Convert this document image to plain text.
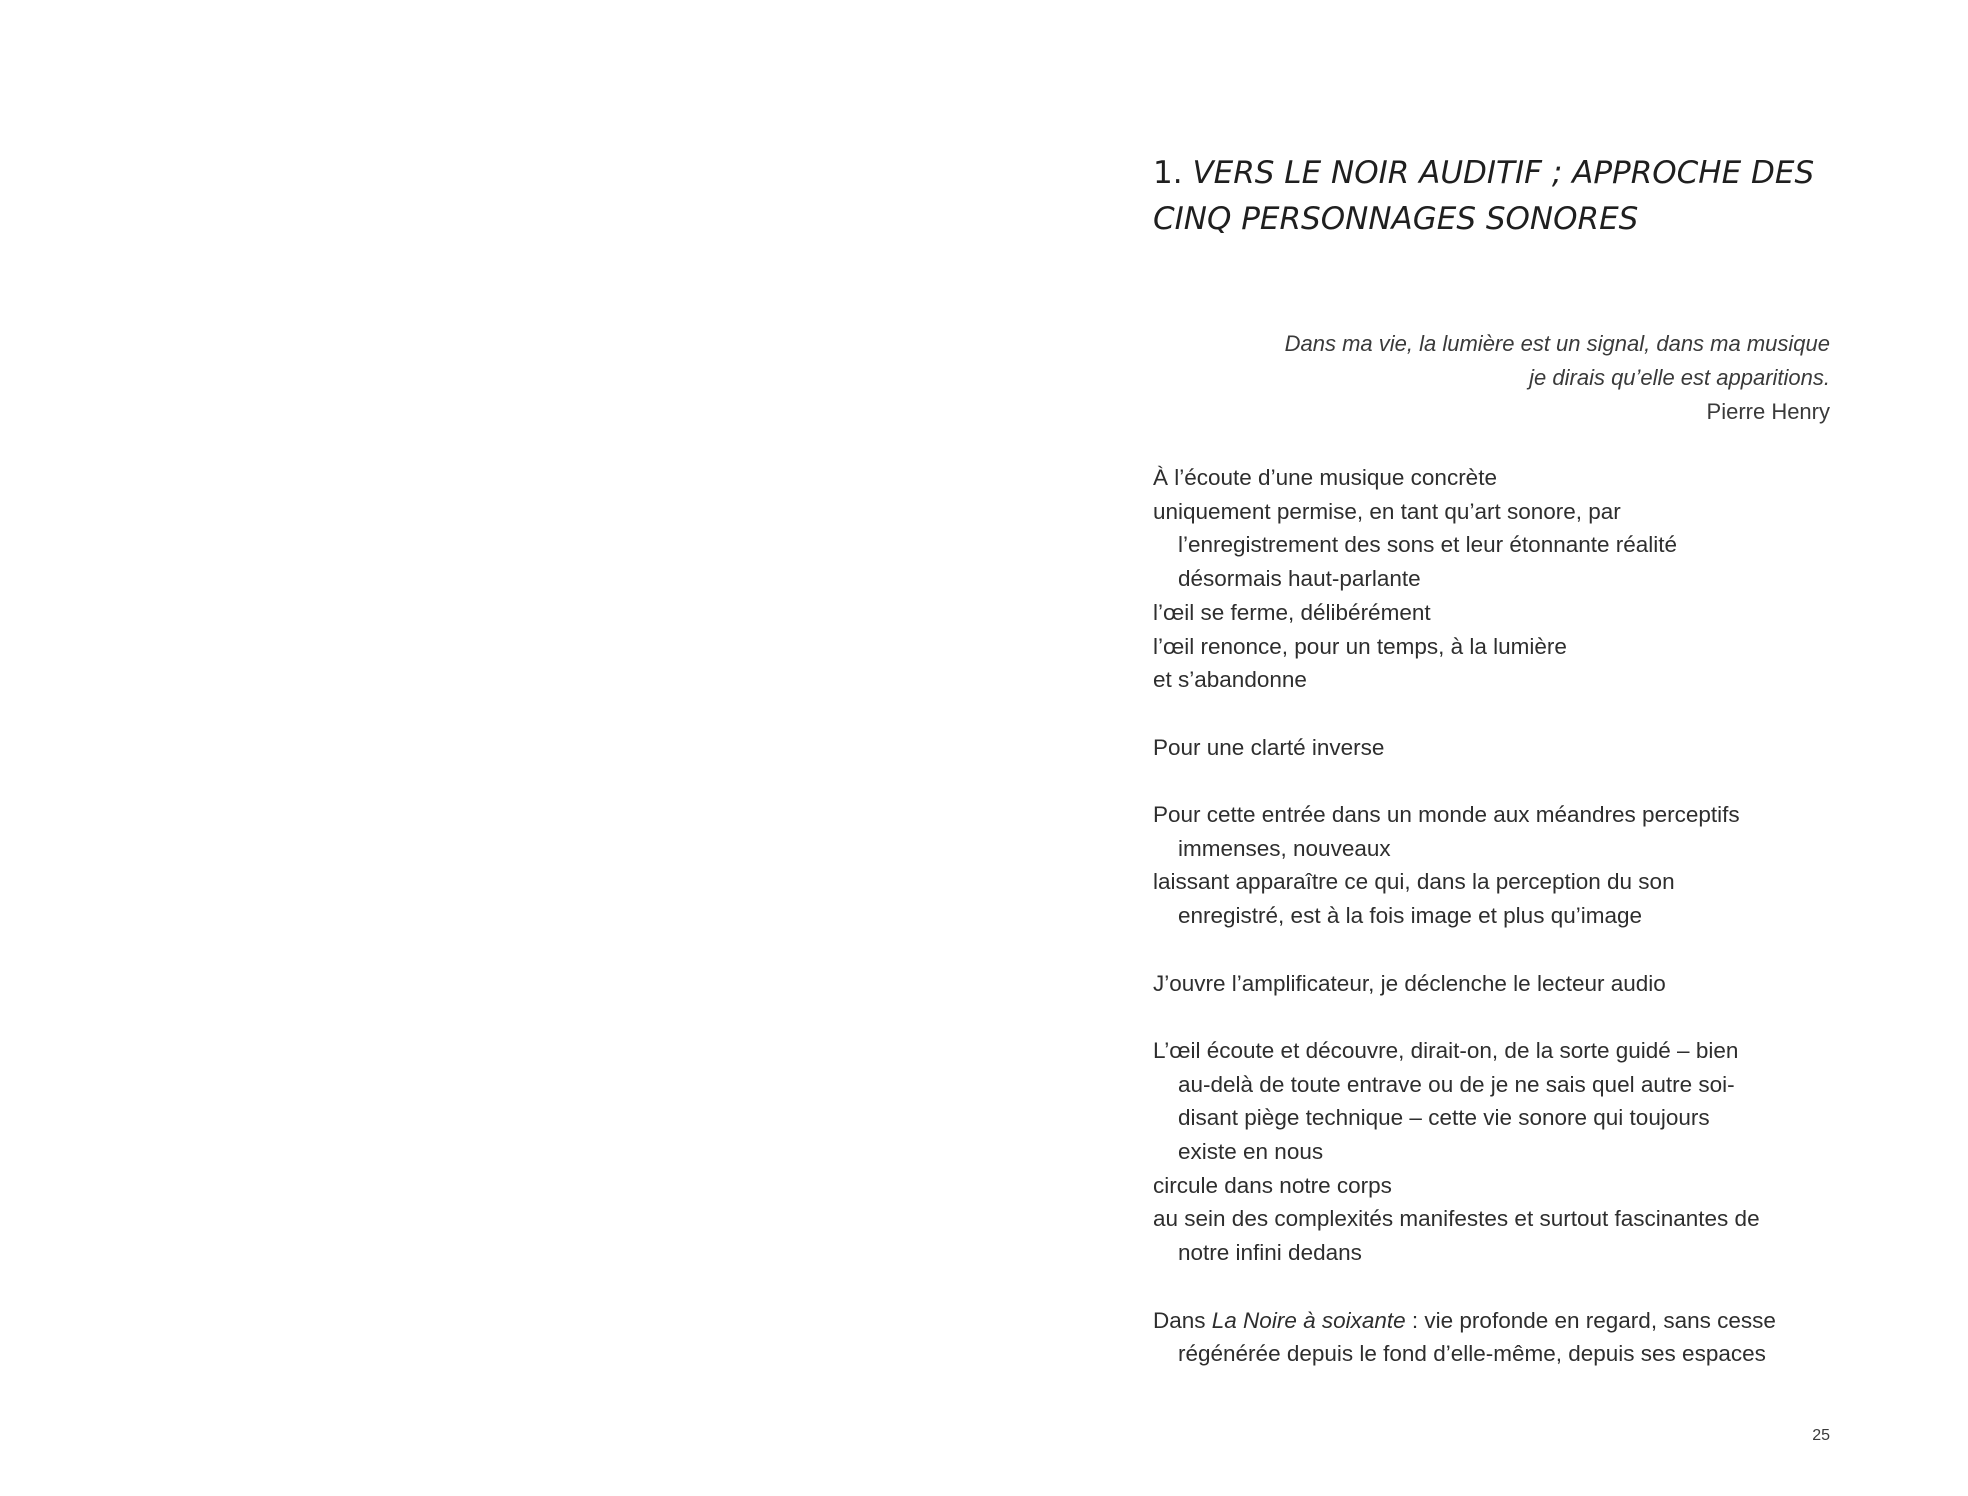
1. VERS LE NOIR AUDITIF ; APPROCHE DES
CINQ PERSONNAGES SONORES
Dans ma vie, la lumière est un signal, dans ma musique
je dirais qu’elle est apparitions.
Pierre Henry
À l’écoute d’une musique concrète
uniquement permise, en tant qu’art sonore, par
l’enregistrement des sons et leur étonnante réalité
désormais haut-parlante
l’œil se ferme, délibérément
l’œil renonce, pour un temps, à la lumière
et s’abandonne
Pour une clarté inverse
Pour cette entrée dans un monde aux méandres perceptifs
immenses, nouveaux
laissant apparaître ce qui, dans la perception du son
enregistré, est à la fois image et plus qu’image
J’ouvre l’amplificateur, je déclenche le lecteur audio
L’œil écoute et découvre, dirait-on, de la sorte guidé – bien
au-delà de toute entrave ou de je ne sais quel autre soi-
disant piège technique – cette vie sonore qui toujours
existe en nous
circule dans notre corps
au sein des complexités manifestes et surtout fascinantes de
notre infini dedans
Dans La Noire à soixante : vie profonde en regard, sans cesse
régénérée depuis le fond d’elle-même, depuis ses espaces
25
